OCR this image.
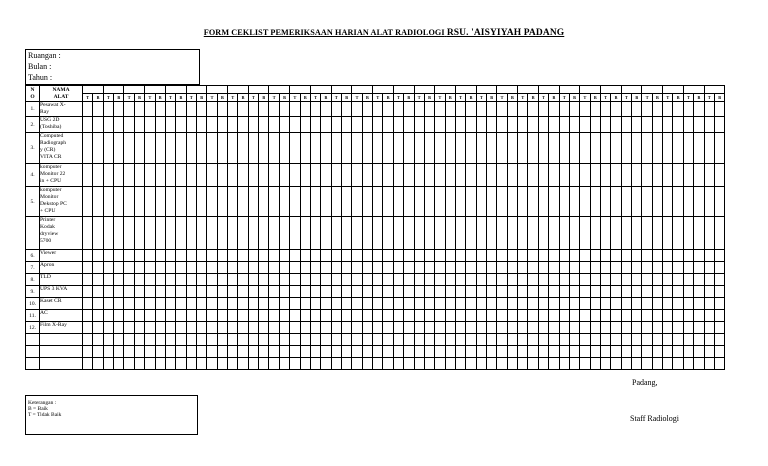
FORM CEKLIST PEMERIKSAAN HARIAN ALAT RADIOLOGI RSU. 'AISYIYAH PADANG
Ruangan :
Bulan :
Tahun :
N
O	NAMA
ALAT																																																														
		T	B	T	B	T	B	T	B	T	B	T	B	T	B	T	B	T	B	T	B	T	B	T	B	T	B	T	B	T	B	T	B	T	B	T	B	T	B	T	B	T	B	T	B	T	B	T	B	T	B	T	B	T	B	T	B	T	B	T	B	T	B
1.	Pesawat X-
Ray																																																														
2.	USG 2D
(Toshiba)																																																														
3.	Computed
Radiograph
y (CR)
VITA CR																																																														
4.	komputer
Monitor 22
in + CPU																																																														
5.	komputer
Monitor
Dekstop PC
+ CPU																																																														
	Printer
Kodak
dryview
5700																																																														
6.	Viewer																																																														
7.	Apron																																																														
8.	TLD																																																														
9.	UPS 3 KVA																																																														
10.	Kaset CR																																																														
11.	AC																																																														
12.	Film X-Ray																																																														

Padang,
Staff Radiologi
Keterangan :
B = Baik
T = Tidak Baik
